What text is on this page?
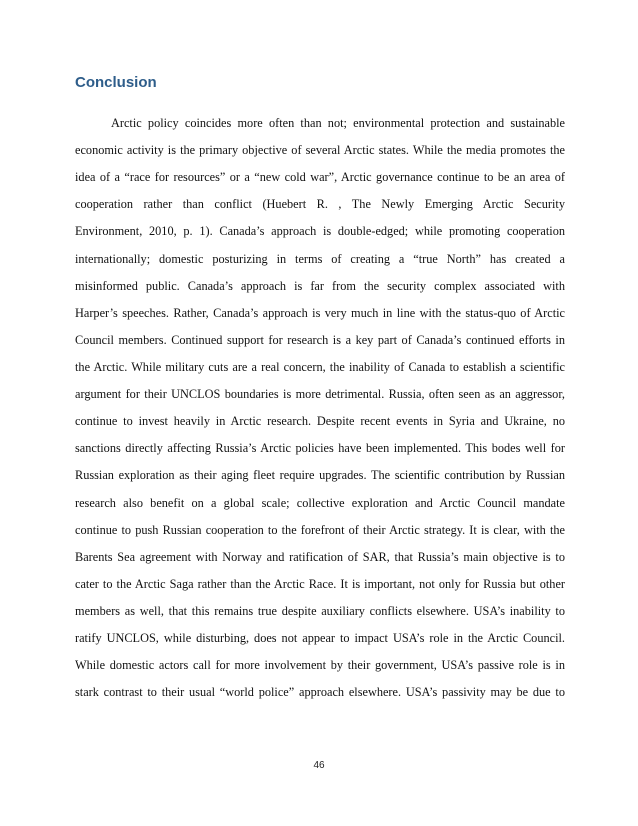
Conclusion
Arctic policy coincides more often than not; environmental protection and sustainable
economic activity is the primary objective of several Arctic states. While the media promotes the
idea of a “race for resources” or a “new cold war”, Arctic governance continue to be an area of
cooperation rather than conflict (Huebert R. , The Newly Emerging Arctic Security
Environment, 2010, p. 1). Canada’s approach is double-edged; while promoting cooperation
internationally; domestic posturizing in terms of creating a “true North” has created a
misinformed public. Canada’s approach is far from the security complex associated with
Harper’s speeches. Rather, Canada’s approach is very much in line with the status-quo of Arctic
Council members. Continued support for research is a key part of Canada’s continued efforts in
the Arctic. While military cuts are a real concern, the inability of Canada to establish a scientific
argument for their UNCLOS boundaries is more detrimental. Russia, often seen as an aggressor,
continue to invest heavily in Arctic research. Despite recent events in Syria and Ukraine, no
sanctions directly affecting Russia’s Arctic policies have been implemented. This bodes well for
Russian exploration as their aging fleet require upgrades. The scientific contribution by Russian
research also benefit on a global scale; collective exploration and Arctic Council mandate
continue to push Russian cooperation to the forefront of their Arctic strategy. It is clear, with the
Barents Sea agreement with Norway and ratification of SAR, that Russia’s main objective is to
cater to the Arctic Saga rather than the Arctic Race. It is important, not only for Russia but other
members as well, that this remains true despite auxiliary conflicts elsewhere. USA’s inability to
ratify UNCLOS, while disturbing, does not appear to impact USA’s role in the Arctic Council.
While domestic actors call for more involvement by their government, USA’s passive role is in
stark contrast to their usual “world police” approach elsewhere. USA’s passivity may be due to
46
